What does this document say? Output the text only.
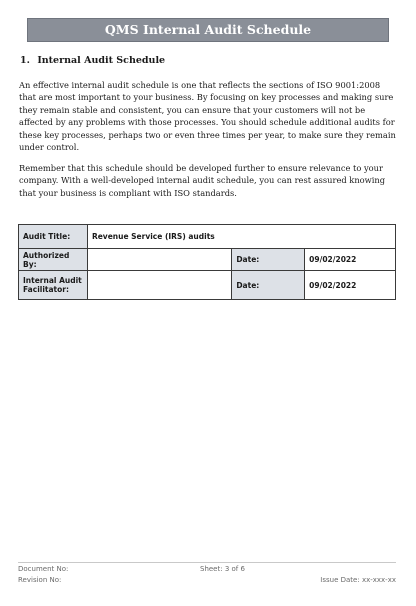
QMS Internal Audit Schedule
1. Internal Audit Schedule

An effective internal audit schedule is one that reflects the sections of ISO 9001:2008 that are most important to your business. By focusing on key processes and making sure they remain stable and consistent, you can ensure that your customers will not be affected by any problems with those processes. You should schedule additional audits for these key processes, perhaps two or even three times per year, to make sure they remain under control.

Remember that this schedule should be developed further to ensure relevance to your company. With a well-developed internal audit schedule, you can rest assured knowing that your business is compliant with ISO standards.

Audit Title:	Revenue Service (IRS) audits		
Authorized By:		Date:	09/02/2022
Internal Audit Facilitator:		Date:	09/02/2022
Document No:
Revision No:
Sheet: 3 of 6
Issue Date: xx-xxx-xx
